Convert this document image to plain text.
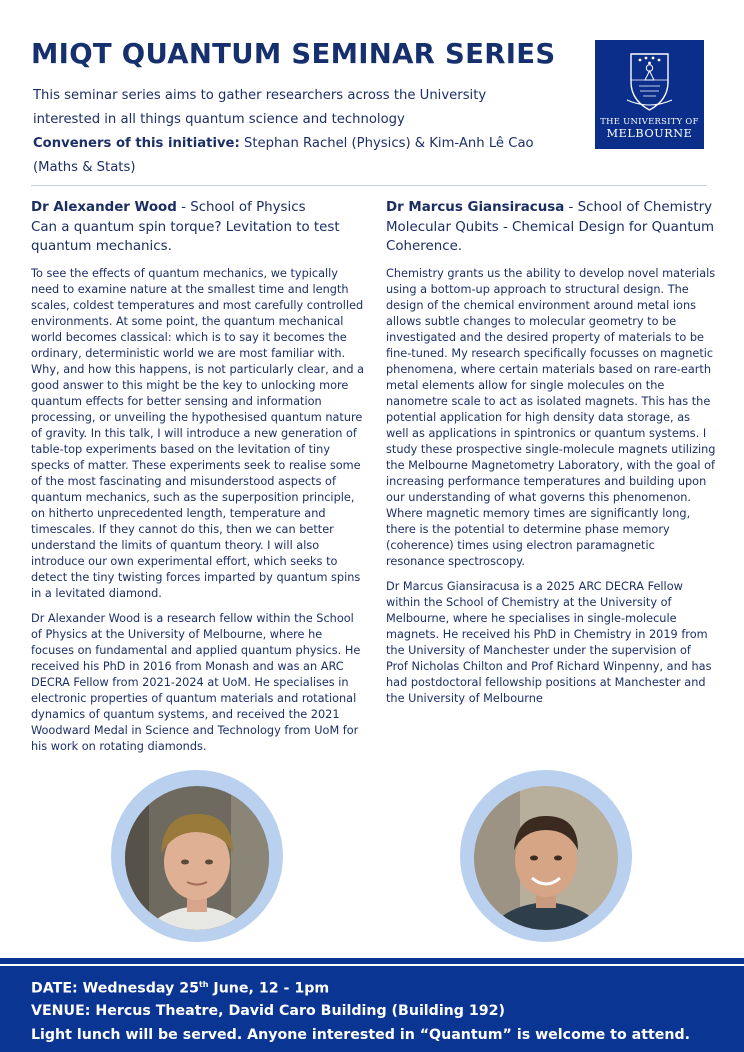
MIQT QUANTUM SEMINAR SERIES
This seminar series aims to gather researchers across the University
interested in all things quantum science and technology
Conveners of this initiative: Stephan Rachel (Physics) & Kim-Anh Lê Cao
(Maths & Stats)
THE UNIVERSITY OF
MELBOURNE
Dr Alexander Wood - School of Physics
Can a quantum spin torque? Levitation to test quantum mechanics.

To see the effects of quantum mechanics, we typically need to examine nature at the smallest time and length scales, coldest temperatures and most carefully controlled environments. At some point, the quantum mechanical world becomes classical: which is to say it becomes the ordinary, deterministic world we are most familiar with. Why, and how this happens, is not particularly clear, and a good answer to this might be the key to unlocking more quantum effects for better sensing and information processing, or unveiling the hypothesised quantum nature of gravity. In this talk, I will introduce a new generation of table-top experiments based on the levitation of tiny specks of matter. These experiments seek to realise some of the most fascinating and misunderstood aspects of quantum mechanics, such as the superposition principle, on hitherto unprecedented length, temperature and timescales. If they cannot do this, then we can better understand the limits of quantum theory. I will also introduce our own experimental effort, which seeks to detect the tiny twisting forces imparted by quantum spins in a levitated diamond.

Dr Alexander Wood is a research fellow within the School of Physics at the University of Melbourne, where he focuses on fundamental and applied quantum physics. He received his PhD in 2016 from Monash and was an ARC DECRA Fellow from 2021-2024 at UoM. He specialises in electronic properties of quantum materials and rotational dynamics of quantum systems, and received the 2021 Woodward Medal in Science and Technology from UoM for his work on rotating diamonds.

Dr Marcus Giansiracusa - School of Chemistry
Molecular Qubits - Chemical Design for Quantum Coherence.

Chemistry grants us the ability to develop novel materials using a bottom-up approach to structural design. The design of the chemical environment around metal ions allows subtle changes to molecular geometry to be investigated and the desired property of materials to be fine-tuned. My research specifically focusses on magnetic phenomena, where certain materials based on rare-earth metal elements allow for single molecules on the nanometre scale to act as isolated magnets. This has the potential application for high density data storage, as well as applications in spintronics or quantum systems. I study these prospective single-molecule magnets utilizing the Melbourne Magnetometry Laboratory, with the goal of increasing performance temperatures and building upon our understanding of what governs this phenomenon. Where magnetic memory times are significantly long, there is the potential to determine phase memory (coherence) times using electron paramagnetic resonance spectroscopy.

Dr Marcus Giansiracusa is a 2025 ARC DECRA Fellow within the School of Chemistry at the University of Melbourne, where he specialises in single-molecule magnets. He received his PhD in Chemistry in 2019 from the University of Manchester under the supervision of Prof Nicholas Chilton and Prof Richard Winpenny, and has had postdoctoral fellowship positions at Manchester and the University of Melbourne

DATE: Wednesday 25th June, 12 - 1pm
VENUE: Hercus Theatre, David Caro Building (Building 192)
Light lunch will be served. Anyone interested in “Quantum” is welcome to attend.
